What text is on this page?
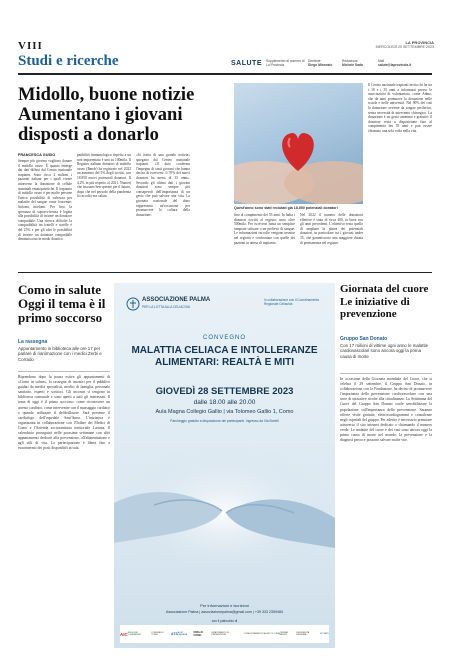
VIII	LA PROVINCIA
MERCOLEDÌ 20 SETTEMBRE 2023
Studi e ricerche	SALUTE Supplemento al numero di La Provincia
Direttore
Diego Minonzio
Redazione
Michele Sada
Mail
salute@laprovincia.it
Midollo, buone notizie Aumentano i giovani disposti a donarlo
FRANCESCA GUIDO
Sempre più giovani vogliono donare il midollo osseo. È quanto emerge dai dati diffusi dal Centro nazionale trapianti. Sono circa 2 milioni i pazienti italiani per i quali vivere attraverso la donazione di cellule staminali ematopoietiche. Il trapianto di midollo osseo è per molte persone l'unica possibilità di salvezza per malattie del sangue come leucemie, linfomi, mielomi. Per loro, la speranza di sopravvivenza è legata alla possibilità di trovare un donatore compatibile. Una ricerca difficile: la compatibilità tra fratelli e sorelle è del 25% e per gli altri le possibilità di trovare un donatore compatibile diminuiscono in modo drastico.
patibilità immunologica rispetto a un non imparentato è una su 100mila. Il Registro italiano donatori di midollo osseo (Ibmdr) ha registrato nel 2022 un aumento del 5% degli iscritti, con 18.850 nuovi potenziali donatori. Il 4,2% in più rispetto al 2021. Numeri che lasciano ben sperare per il futuro, dopo che nel periodo della pandemia la raccolta era calata.
«Si tratta di una grande notizia» spiegano dal Centro nazionale trapianti. «Il dato conferma l'impegno di tanti giovani che hanno deciso di iscriversi: il 70% dei nuovi donatori ha meno di 35 anni». Secondo gli ultimi dati i giovani donatori sono sempre più consapevoli dell'importanza di un gesto che può salvare una vita. La giornata nazionale del dono rappresenta un'occasione per promuovere la cultura della donazione.
Quest'anno sono stati reclutati già 18.850 potenziali donatori
fino al compimento dei 55 anni. In Italia i donatori iscritti al registro sono oltre 500mila. Per iscriversi basta un semplice tampone salivare o un prelievo di sangue. Le informazioni raccolte vengono inserite nel registro e confrontate con quelle dei pazienti in attesa di trapianto.
Nel 2022 il numero delle donazioni effettive è stato di circa 400, in linea con gli anni precedenti. L'obiettivo resta quello di ampliare la platea dei potenziali donatori, in particolare tra i giovani under 35, che garantiscono una maggiore durata di permanenza nel registro.
Il Centro nazionale trapianti invita chi ha tra i 18 e i 35 anni a informarsi presso le associazioni di volontariato, come Admo, che da anni promuove la donazione nelle scuole e nelle università. Nel 90% dei casi la donazione avviene da sangue periferico, senza necessità di intervento chirurgico. La donazione è un gesto anonimo e gratuito: il donatore resta a disposizione fino al compimento dei 55 anni e può essere chiamato una sola volta nella vita.
Como in salute Oggi il tema è il primo soccorso
La rassegna
Appuntamento in biblioteca alle ore 17 per parlare di rianimazione con i medici Zerbi e Corrado
Riprendono dopo la pausa estiva gli appuntamenti di «Como in salute», la rassegna di incontri per il pubblico guidati da medici specialisti, medici di famiglia, personale sanitario, esperti e scrittori. Gli incontri si tengono in biblioteca comunale e sono aperti a tutti gli interessati. Il tema di oggi è il primo soccorso: come riconoscere un arresto cardiaco, come intervenire con il massaggio cardiaco e quando utilizzare il defibrillatore. Sarà presente il cardiologo dell'ospedale Sant'Anna. L'iniziativa è organizzata in collaborazione con l'Ordine dei Medici di Como e l'Azienda sociosanitaria territoriale Lariana. Il calendario proseguirà nelle prossime settimane con altri appuntamenti dedicati alla prevenzione, all'alimentazione e agli stili di vita. La partecipazione è libera fino a esaurimento dei posti disponibili in sala.
ASSOCIAZIONE PALMA
PER LA LOTTA ALLA CELIACHIA
In collaborazione con il Coordinamento Regionale Celiachia
CONVEGNO
MALATTIA CELIACA E INTOLLERANZE ALIMENTARI: REALTÀ E MITI
GIOVEDÌ 28 SETTEMBRE 2023
dalle 18.00 alle 20.00
Aula Magna Collegio Gallio | via Tolomeo Gallio 1, Como
Parcheggio gratuito a disposizione dei partecipanti. Ingresso da Via Borelli
Per informazioni e iscrizioni
Associazione Palma | associazionepalma@gmail.com | +39 333 2359484
con il patrocinio di
AIC REGIONE LOMBARDIA
COMUNE DI COMO	ATS ASST LARIANA
OMCeO COMO
DIPARTIMENTO DI PREVENZIONE	CONFCOMMERCIO AGRICOLTURA ORDINE MEDICI
UNIVERSITÀ INSUBRIA	ROTARY
Giornata del cuore Le iniziative di prevenzione
Gruppo San Donato
Con 17 milioni di vittime ogni anno le malattie cardiovascolari sono ancora oggi la prima causa di morte
In occasione della Giornata mondiale del Cuore, che si celebra il 29 settembre, il Gruppo San Donato, in collaborazione con la Fondazione, ha deciso di promuovere l'importanza della prevenzione cardiovascolare con una serie di iniziative rivolte alla cittadinanza. La Settimana del Cuore del Gruppo San Donato vuole sensibilizzare la popolazione sull'importanza della prevenzione. Saranno offerte visite gratuite, elettrocardiogrammi e consulenze negli ospedali del gruppo. Per aderire è necessario prenotare attraverso il sito internet dedicato o chiamando il numero verde. Le malattie del cuore e dei vasi sono ancora oggi la prima causa di morte nel mondo: la prevenzione e la diagnosi precoce possono salvare molte vite.
